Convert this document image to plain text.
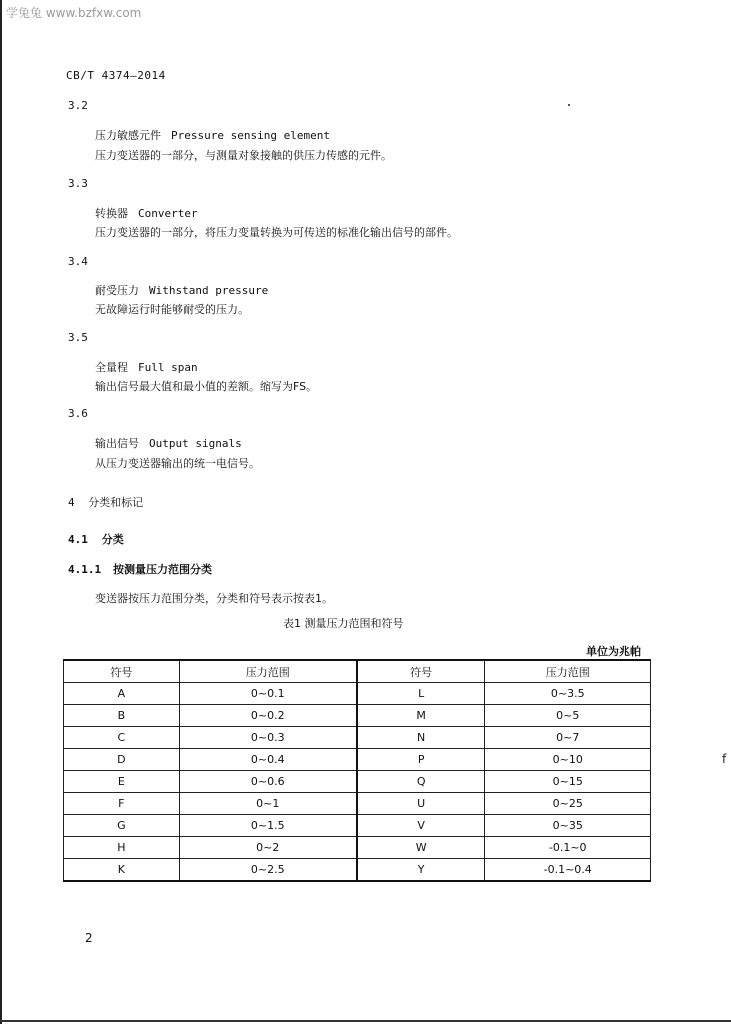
学兔兔 www.bzfxw.com
CB/T 4374—2014
3.2
压力敏感元件 Pressure sensing element
压力变送器的一部分，与测量对象接触的供压力传感的元件。
3.3
转换器 Converter
压力变送器的一部分，将压力变量转换为可传送的标准化输出信号的部件。
3.4
耐受压力 Withstand pressure
无故障运行时能够耐受的压力。
3.5
全量程 Full span
输出信号最大值和最小值的差额。缩写为FS。
3.6
输出信号 Output signals
从压力变送器输出的统一电信号。
4 分类和标记
4.1 分类
4.1.1 按测量压力范围分类
变送器按压力范围分类，分类和符号表示按表1。
表1 测量压力范围和符号
单位为兆帕
符号	压力范围	符号	压力范围
A	0~0.1	L	0~3.5
B	0~0.2	M	0~5
C	0~0.3	N	0~7
D	0~0.4	P	0~10
E	0~0.6	Q	0~15
F	0~1	U	0~25
G	0~1.5	V	0~35
H	0~2	W	-0.1~0
K	0~2.5	Y	-0.1~0.4
f
2
